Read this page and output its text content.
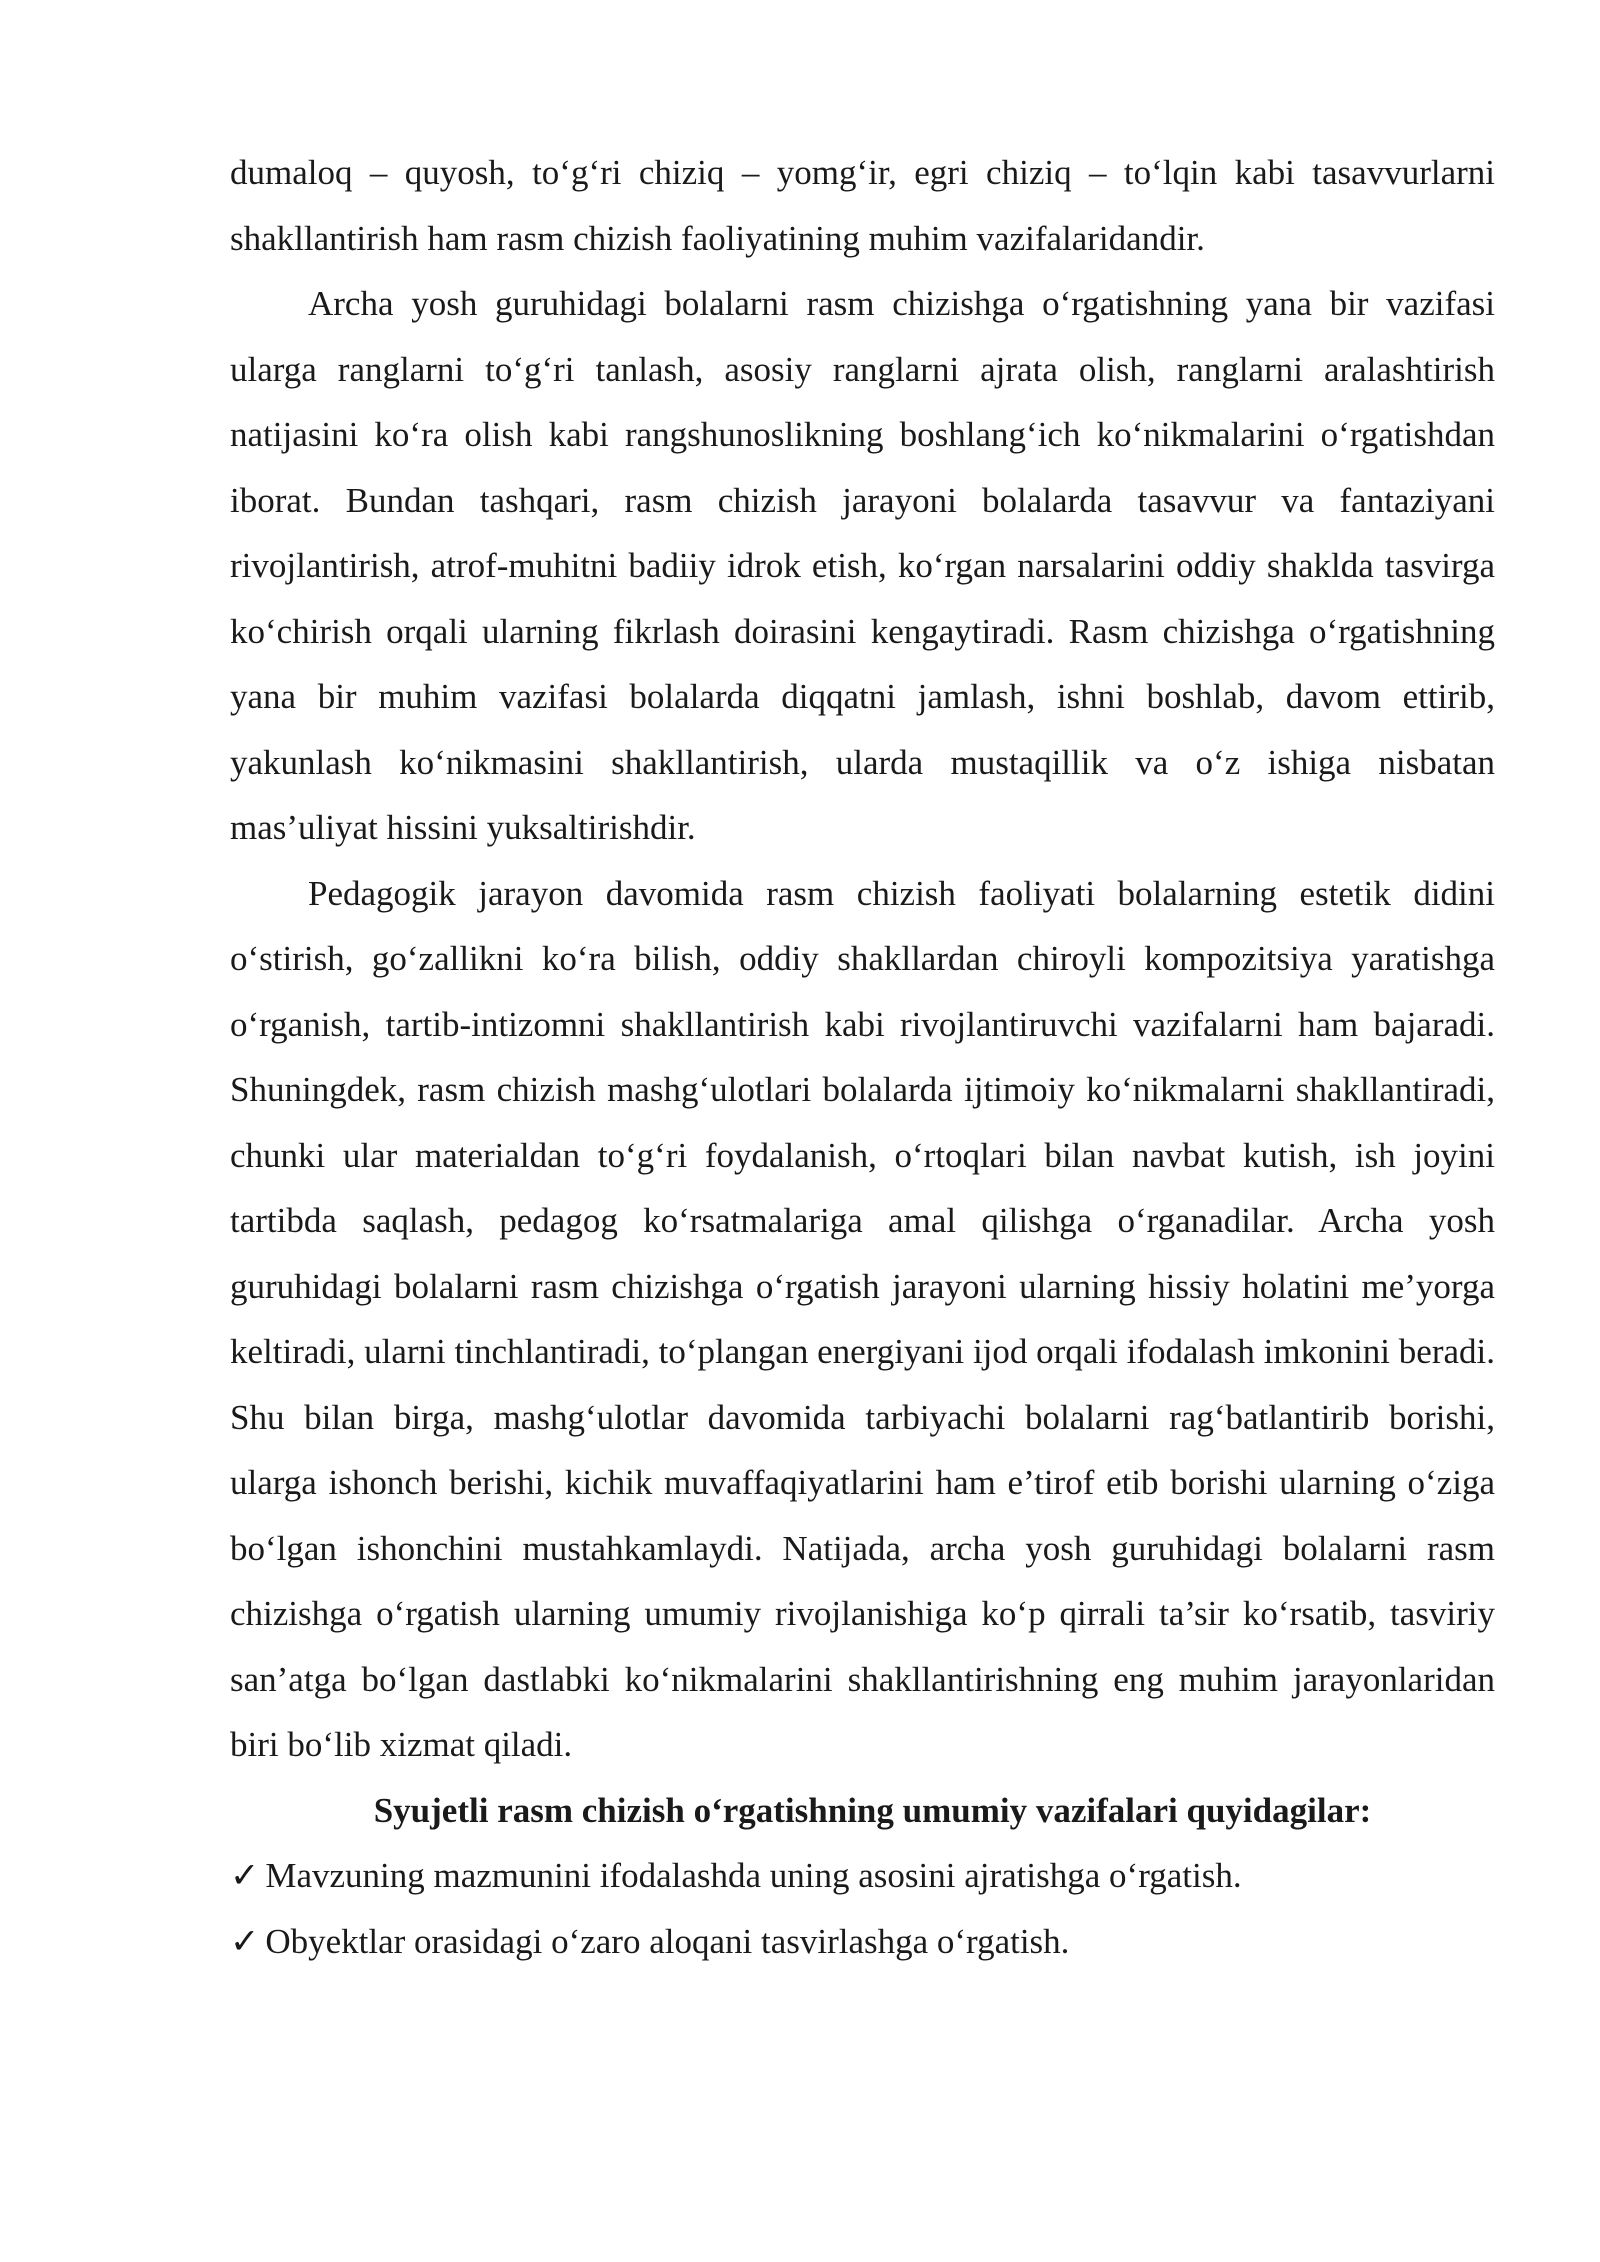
dumaloq – quyosh, to‘g‘ri chiziq – yomg‘ir, egri chiziq – to‘lqin kabi tasavvurlarni shakllantirish ham rasm chizish faoliyatining muhim vazifalaridandir.

Archa yosh guruhidagi bolalarni rasm chizishga o‘rgatishning yana bir vazifasi ularga ranglarni to‘g‘ri tanlash, asosiy ranglarni ajrata olish, ranglarni aralashtirish natijasini ko‘ra olish kabi rangshunoslikning boshlang‘ich ko‘nikmalarini o‘rgatishdan iborat. Bundan tashqari, rasm chizish jarayoni bolalarda tasavvur va fantaziyani rivojlantirish, atrof-muhitni badiiy idrok etish, ko‘rgan narsalarini oddiy shaklda tasvirga ko‘chirish orqali ularning fikrlash doirasini kengaytiradi. Rasm chizishga o‘rgatishning yana bir muhim vazifasi bolalarda diqqatni jamlash, ishni boshlab, davom ettirib, yakunlash ko‘nikmasini shakllantirish, ularda mustaqillik va o‘z ishiga nisbatan mas’uliyat hissini yuksaltirishdir.

Pedagogik jarayon davomida rasm chizish faoliyati bolalarning estetik didini o‘stirish, go‘zallikni ko‘ra bilish, oddiy shakllardan chiroyli kompozitsiya yaratishga o‘rganish, tartib-intizomni shakllantirish kabi rivojlantiruvchi vazifalarni ham bajaradi. Shuningdek, rasm chizish mashg‘ulotlari bolalarda ijtimoiy ko‘nikmalarni shakllantiradi, chunki ular materialdan to‘g‘ri foydalanish, o‘rtoqlari bilan navbat kutish, ish joyini tartibda saqlash, pedagog ko‘rsatmalariga amal qilishga o‘rganadilar. Archa yosh guruhidagi bolalarni rasm chizishga o‘rgatish jarayoni ularning hissiy holatini me’yorga keltiradi, ularni tinchlantiradi, to‘plangan energiyani ijod orqali ifodalash imkonini beradi. Shu bilan birga, mashg‘ulotlar davomida tarbiyachi bolalarni rag‘batlantirib borishi, ularga ishonch berishi, kichik muvaffaqiyatlarini ham e’tirof etib borishi ularning o‘ziga bo‘lgan ishonchini mustahkamlaydi. Natijada, archa yosh guruhidagi bolalarni rasm chizishga o‘rgatish ularning umumiy rivojlanishiga ko‘p qirrali ta’sir ko‘rsatib, tasviriy san’atga bo‘lgan dastlabki ko‘nikmalarini shakllantirishning eng muhim jarayonlaridan biri bo‘lib xizmat qiladi.

Syujetli rasm chizish o‘rgatishning umumiy vazifalari quyidagilar:

✓ Mavzuning mazmunini ifodalashda uning asosini ajratishga o‘rgatish.

✓ Obyektlar orasidagi o‘zaro aloqani tasvirlashga o‘rgatish.
